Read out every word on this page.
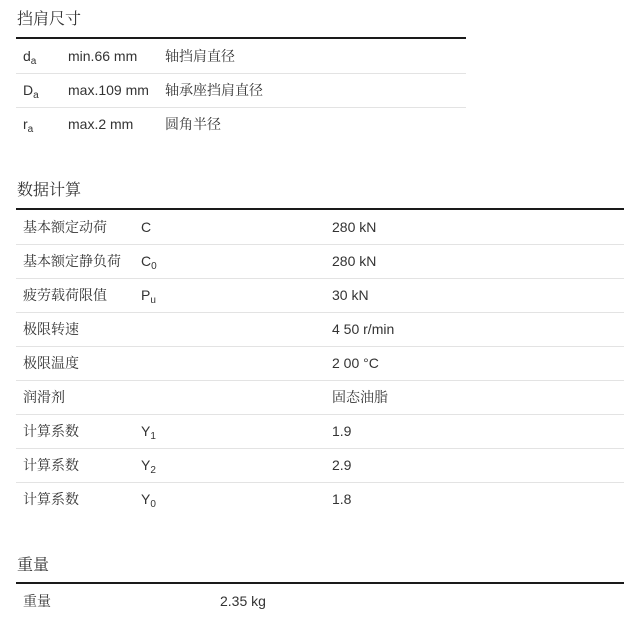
挡肩尺寸
$d_a$ min.66 mm 轴挡肩直径
$D_a$ max.109 mm 轴承座挡肩直径
$r_a$ max.2 mm 圆角半径
数据计算
基本额定动荷 C	280 kN
基本额定静负荷 $C_0$	280 kN
疲劳载荷限值 $P_u$	30 kN
极限转速	4 50 r/min
极限温度	2 00 °C
润滑剂	固态油脂
计算系数	$Y_1$	1.9
计算系数	$Y_2$	2.9
计算系数	$Y_0$	1.8
重量
重量	2.35 kg
